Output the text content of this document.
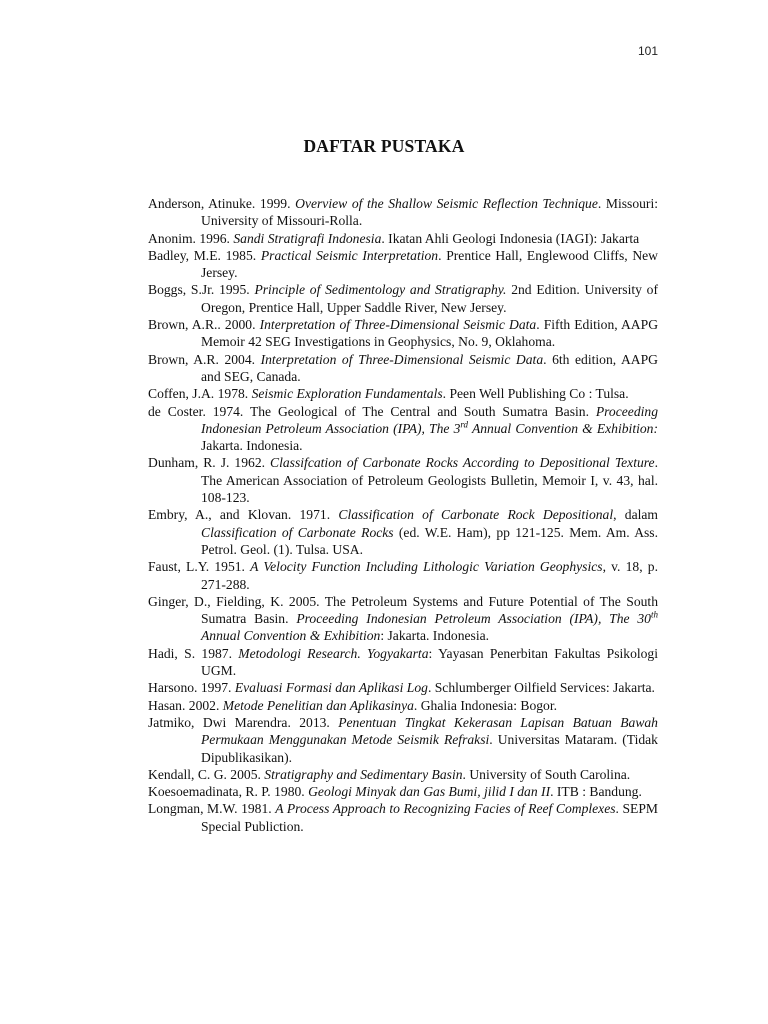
101
DAFTAR PUSTAKA

Anderson, Atinuke. 1999. Overview of the Shallow Seismic Reflection Technique. Missouri: University of Missouri-Rolla.

Anonim. 1996. Sandi Stratigrafi Indonesia. Ikatan Ahli Geologi Indonesia (IAGI): Jakarta

Badley, M.E. 1985. Practical Seismic Interpretation. Prentice Hall, Englewood Cliffs, New Jersey.

Boggs, S.Jr. 1995. Principle of Sedimentology and Stratigraphy. 2nd Edition. University of Oregon, Prentice Hall, Upper Saddle River, New Jersey.

Brown, A.R.. 2000. Interpretation of Three-Dimensional Seismic Data. Fifth Edition, AAPG Memoir 42 SEG Investigations in Geophysics, No. 9, Oklahoma.

Brown, A.R. 2004. Interpretation of Three-Dimensional Seismic Data. 6th edition, AAPG and SEG, Canada.

Coffen, J.A. 1978. Seismic Exploration Fundamentals. Peen Well Publishing Co : Tulsa.

de Coster. 1974. The Geological of The Central and South Sumatra Basin. Proceeding Indonesian Petroleum Association (IPA), The 3rd Annual Convention & Exhibition: Jakarta. Indonesia.

Dunham, R. J. 1962. Classifcation of Carbonate Rocks According to Depositional Texture. The American Association of Petroleum Geologists Bulletin, Memoir I, v. 43, hal. 108-123.

Embry, A., and Klovan. 1971. Classification of Carbonate Rock Depositional, dalam Classification of Carbonate Rocks (ed. W.E. Ham), pp 121-125. Mem. Am. Ass. Petrol. Geol. (1). Tulsa. USA.

Faust, L.Y. 1951. A Velocity Function Including Lithologic Variation Geophysics, v. 18, p. 271-288.

Ginger, D., Fielding, K. 2005. The Petroleum Systems and Future Potential of The South Sumatra Basin. Proceeding Indonesian Petroleum Association (IPA), The 30th Annual Convention & Exhibition: Jakarta. Indonesia.

Hadi, S. 1987. Metodologi Research. Yogyakarta: Yayasan Penerbitan Fakultas Psikologi UGM.

Harsono. 1997. Evaluasi Formasi dan Aplikasi Log. Schlumberger Oilfield Services: Jakarta.

Hasan. 2002. Metode Penelitian dan Aplikasinya. Ghalia Indonesia: Bogor.

Jatmiko, Dwi Marendra. 2013. Penentuan Tingkat Kekerasan Lapisan Batuan Bawah Permukaan Menggunakan Metode Seismik Refraksi. Universitas Mataram. (Tidak Dipublikasikan).

Kendall, C. G. 2005. Stratigraphy and Sedimentary Basin. University of South Carolina.

Koesoemadinata, R. P. 1980. Geologi Minyak dan Gas Bumi, jilid I dan II. ITB : Bandung.

Longman, M.W. 1981. A Process Approach to Recognizing Facies of Reef Complexes. SEPM Special Publiction.
